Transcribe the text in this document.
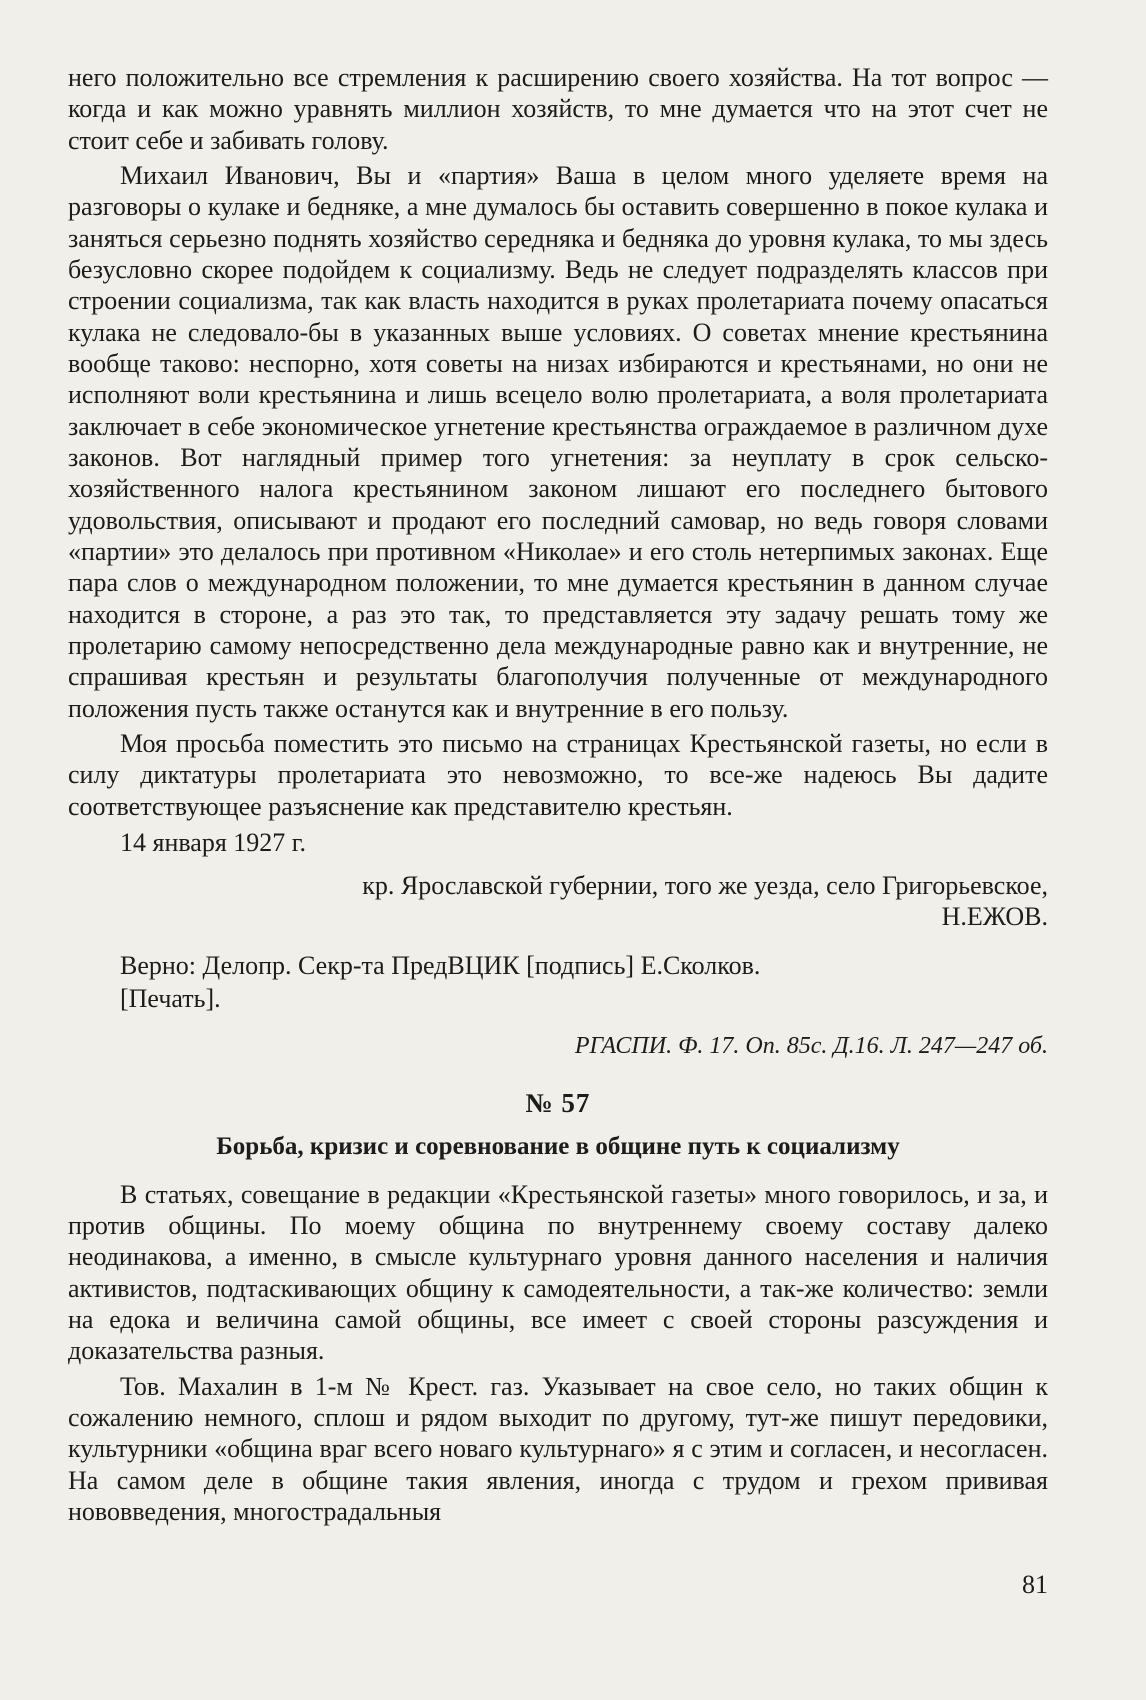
него положительно все стремления к расширению своего хозяйства. На тот вопрос — когда и как можно уравнять миллион хозяйств, то мне думается что на этот счет не стоит себе и забивать голову.

Михаил Иванович, Вы и «партия» Ваша в целом много уделяете время на разговоры о кулаке и бедняке, а мне думалось бы оставить совершенно в покое кулака и заняться серьезно поднять хозяйство середняка и бедняка до уровня кулака, то мы здесь безусловно скорее подойдем к социализму. Ведь не следует подразделять классов при строении социализма, так как власть находится в руках пролетариата почему опасаться кулака не следовало-бы в указанных выше условиях. О советах мнение крестьянина вообще таково: неспорно, хотя советы на низах избираются и крестьянами, но они не исполняют воли крестьянина и лишь всецело волю пролетариата, а воля пролетариата заключает в себе экономическое угнетение крестьянства ограждаемое в различном духе законов. Вот наглядный пример того угнетения: за неуплату в срок сельско-хозяйственного налога крестьянином законом лишают его последнего бытового удовольствия, описывают и продают его последний самовар, но ведь говоря словами «партии» это делалось при противном «Николае» и его столь нетерпимых законах. Еще пара слов о международном положении, то мне думается крестьянин в данном случае находится в стороне, а раз это так, то представляется эту задачу решать тому же пролетарию самому непосредственно дела международные равно как и внутренние, не спрашивая крестьян и результаты благополучия полученные от международного положения пусть также останутся как и внутренние в его пользу.

Моя просьба поместить это письмо на страницах Крестьянской газеты, но если в силу диктатуры пролетариата это невозможно, то все-же надеюсь Вы дадите соответствующее разъяснение как представителю крестьян.

14 января 1927 г.
кр. Ярославской губернии, того же уезда, село Григорьевское,
Н.ЕЖОВ.
Верно: Делопр. Секр-та ПредВЦИК [подпись] Е.Сколков.
[Печать].
РГАСПИ. Ф. 17. Оп. 85с. Д.16. Л. 247—247 об.
№ 57
Борьба, кризис и соревнование в общине путь к социализму

В статьях, совещание в редакции «Крестьянской газеты» много говорилось, и за, и против общины. По моему община по внутреннему своему составу далеко неодинакова, а именно, в смысле культурнаго уровня данного населения и наличия активистов, подтаскивающих общину к самодеятельности, а так-же количество: земли на едока и величина самой общины, все имеет с своей стороны разсуждения и доказательства разныя.

Тов. Махалин в 1-м № Крест. газ. Указывает на свое село, но таких общин к сожалению немного, сплош и рядом выходит по другому, тут-же пишут передовики, культурники «община враг всего новаго культурнаго» я с этим и согласен, и несогласен. На самом деле в общине такия явления, иногда с трудом и грехом прививая нововведения, многострадальныя

81
